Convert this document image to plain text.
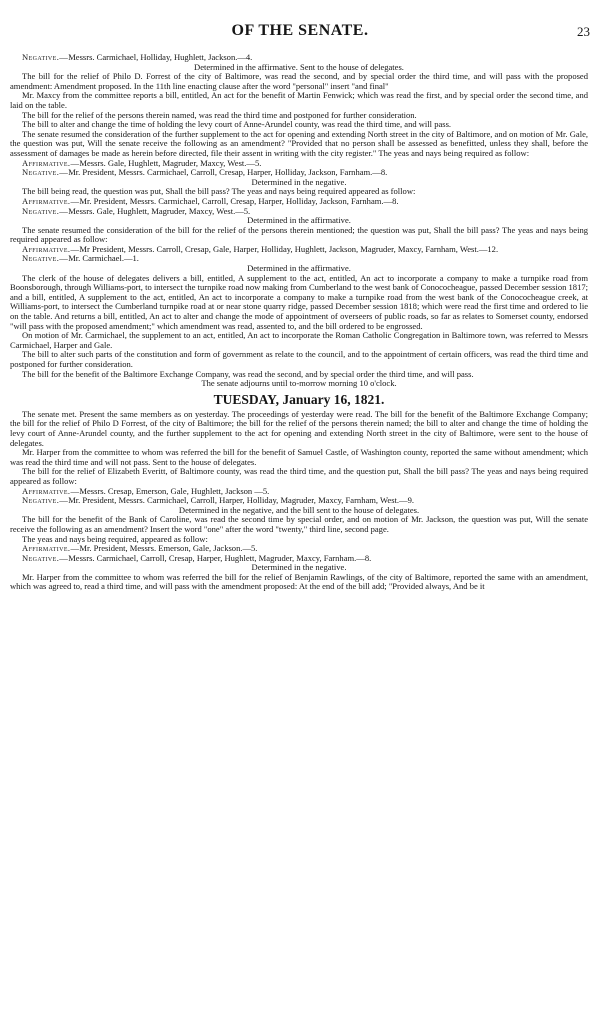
OF THE SENATE.	23

Negative.—Messrs. Carmichael, Holliday, Hughlett, Jackson.—4.

Determined in the affirmative. Sent to the house of delegates.

The bill for the relief of Philo D. Forrest of the city of Baltimore, was read the second, and by special order the third time, and will pass with the proposed amendment: Amendment proposed. In the 11th line enacting clause after the word "personal" insert "and final"

Mr. Maxcy from the committee reports a bill, entitled, An act for the benefit of Martin Fenwick; which was read the first, and by special order the second time, and laid on the table.

The bill for the relief of the persons therein named, was read the third time and postponed for further consideration.

The bill to alter and change the time of holding the levy court of Anne-Arundel county, was read the third time, and will pass.

The senate resumed the consideration of the further supplement to the act for opening and extending North street in the city of Baltimore, and on motion of Mr. Gale, the question was put, Will the senate receive the following as an amendment? "Provided that no person shall be assessed as benefitted, unless they shall, before the assessment of damages be made as herein before directed, file their assent in writing with the city register." The yeas and nays being required as follow:

Affirmative.—Messrs. Gale, Hughlett, Magruder, Maxcy, West.—5.

Negative.—Mr. President, Messrs. Carmichael, Carroll, Cresap, Harper, Holliday, Jackson, Farnham.—8.

Determined in the negative.

The bill being read, the question was put, Shall the bill pass? The yeas and nays being required appeared as follow:

Affirmative.—Mr. President, Messrs. Carmichael, Carroll, Cresap, Harper, Holliday, Jackson, Farnham.—8.

Negative.—Messrs. Gale, Hughlett, Magruder, Maxcy, West.—5.

Determined in the affirmative.

The senate resumed the consideration of the bill for the relief of the persons therein mentioned; the question was put, Shall the bill pass? The yeas and nays being required appeared as follow:

Affirmative.—Mr President, Messrs. Carroll, Cresap, Gale, Harper, Holliday, Hughlett, Jackson, Magruder, Maxcy, Farnham, West.—12.

Negative.—Mr. Carmichael.—1.

Determined in the affirmative.

The clerk of the house of delegates delivers a bill, entitled, A supplement to the act, entitled, An act to incorporate a company to make a turnpike road from Boonsborough, through Williams-port, to intersect the turnpike road now making from Cumberland to the west bank of Conococheague, passed December session 1817; and a bill, entitled, A supplement to the act, entitled, An act to incorporate a company to make a turnpike road from the west bank of the Conococheague creek, at Williams-port, to intersect the Cumberland turnpike road at or near stone quarry ridge, passed December session 1818; which were read the first time and ordered to lie on the table. And returns a bill, entitled, An act to alter and change the mode of appointment of overseers of public roads, so far as relates to Somerset county, endorsed "will pass with the proposed amendment;" which amendment was read, assented to, and the bill ordered to be engrossed.

On motion of Mr. Carmichael, the supplement to an act, entitled, An act to incorporate the Roman Catholic Congregation in Baltimore town, was referred to Messrs Carmichael, Harper and Gale.

The bill to alter such parts of the constitution and form of government as relate to the council, and to the appointment of certain officers, was read the third time and postponed for further consideration.

The bill for the benefit of the Baltimore Exchange Company, was read the second, and by special order the third time, and will pass.

The senate adjourns until to-morrow morning 10 o'clock.

TUESDAY, January 16, 1821.

The senate met. Present the same members as on yesterday. The proceedings of yesterday were read. The bill for the benefit of the Baltimore Exchange Company; the bill for the relief of Philo D Forrest, of the city of Baltimore; the bill for the relief of the persons therein named; the bill to alter and change the time of holding the levy court of Anne-Arundel county, and the further supplement to the act for opening and extending North street in the city of Baltimore, were sent to the house of delegates.

Mr. Harper from the committee to whom was referred the bill for the benefit of Samuel Castle, of Washington county, reported the same without amendment; which was read the third time and will not pass. Sent to the house of delegates.

The bill for the relief of Elizabeth Everitt, of Baltimore county, was read the third time, and the question put, Shall the bill pass? The yeas and nays being required appeared as follow:

Affirmative.—Messrs. Cresap, Emerson, Gale, Hughlett, Jackson —5.

Negative.—Mr. President, Messrs. Carmichael, Carroll, Harper, Holliday, Magruder, Maxcy, Farnham, West.—9.

Determined in the negative, and the bill sent to the house of delegates.

The bill for the benefit of the Bank of Caroline, was read the second time by special order, and on motion of Mr. Jackson, the question was put, Will the senate receive the following as an amendment? Insert the word "one" after the word "twenty," third line, second page.

The yeas and nays being required, appeared as follow:

Affirmative.—Mr. President, Messrs. Emerson, Gale, Jackson.—5.

Negative.—Messrs. Carmichael, Carroll, Cresap, Harper, Hughlett, Magruder, Maxcy, Farnham.—8.

Determined in the negative.

Mr. Harper from the committee to whom was referred the bill for the relief of Benjamin Rawlings, of the city of Baltimore, reported the same with an amendment, which was agreed to, read a third time, and will pass with the amendment proposed: At the end of the bill add; "Provided always, And be it
